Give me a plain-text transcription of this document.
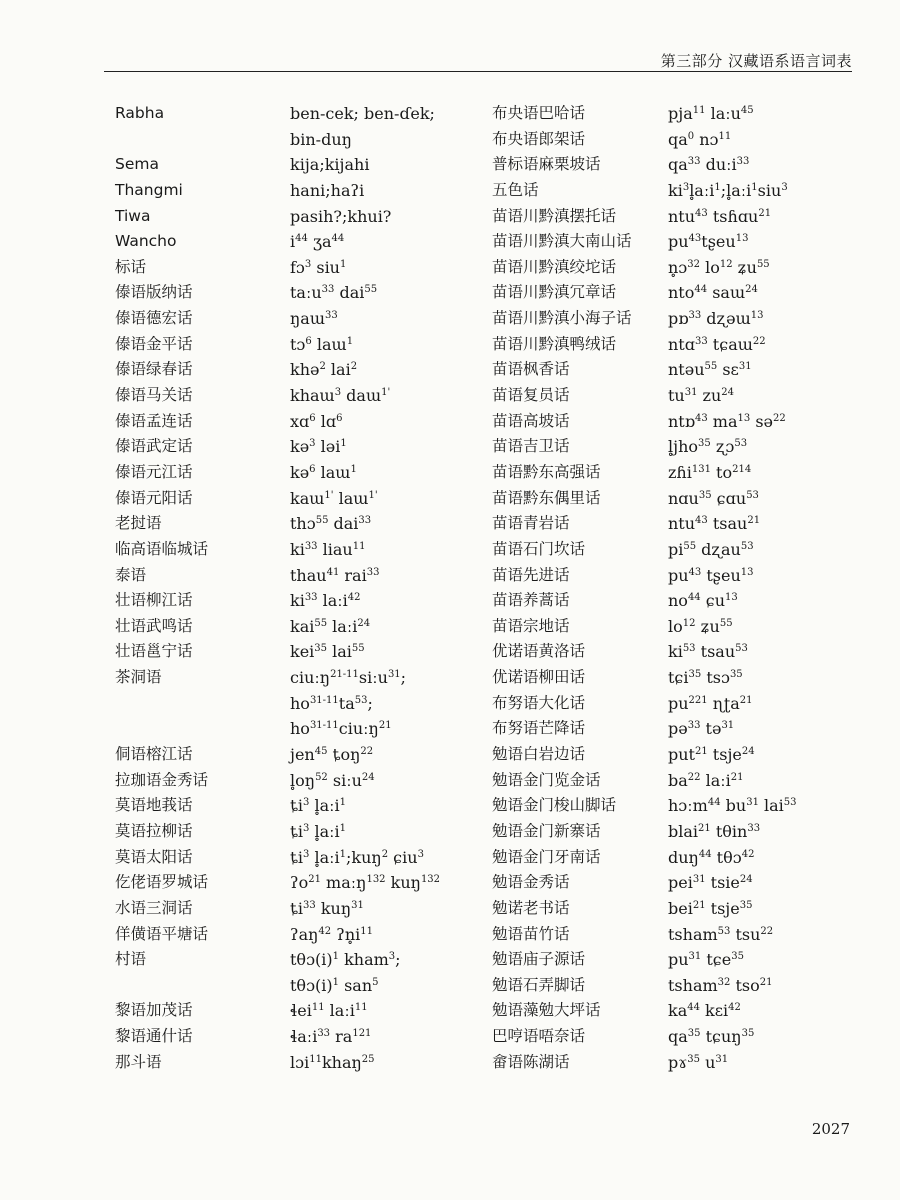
第三部分 汉藏语系语言词表
Rabha
Sema
Thangmi
Tiwa
Wancho
标话
傣语版纳话
傣语德宏话
傣语金平话
傣语绿春话
傣语马关话
傣语孟连话
傣语武定话
傣语元江话
傣语元阳话
老挝语
临高语临城话
泰语
壮语柳江话
壮语武鸣话
壮语邕宁话
茶洞语
侗语榕江话
拉珈语金秀话
莫语地莪话
莫语拉柳话
莫语太阳话
仡佬语罗城话
水语三洞话
佯僙语平塘话
村语
黎语加茂话
黎语通什话
那斗语
ben-cek; ben-ɗek;
bin-duŋ
kija;kijahi
hani;haʔi
pasih?;khui?
$i^{44}$ ʒa$^{44}$
fɔ$^3$ siu$^1$
taːu$^{33}$ dai$^{55}$
ŋaɯ$^{33}$
tɔ$^6$ laɯ$^1$
khə$^2$ lai$^2$
khaɯ$^3$ daɯ$^{1'}$
xɑ$^6$ lɑ$^6$
kə$^3$ ləi$^1$
kə$^6$ laɯ$^1$
kaɯ$^{1'}$ laɯ$^{1'}$
thɔ$^{55}$ dai$^{33}$
$ki^{33}$ liau$^{11}$
thau$^{41}$ rai$^{33}$
$ki^{33}$ laːi$^{42}$
kai$^{55}$ laːi$^{24}$
kei$^{35}$ lai$^{55}$
ciuːŋ$^{21-11}$siːu$^{31}$;
$ho^{31-11}ta^{53}$;
$ho^{31-11}ciuːŋ^{21}$
jen$^{45}$ ȶoŋ$^{22}$
$l̥oŋ^{52}$ siːu$^{24}$
$ȶi^3$ l̥aːi$^1$
$ȶi^3$ l̥aːi$^1$
$ȶi^3$ l̥aːi$^1$;kuŋ$^2$ ɕiu$^3$
ʔo$^{21}$ maːŋ$^{132}$ kuŋ$^{132}$
$ȶi^{33}$ kuŋ$^{31}$
ʔaŋ$^{42}$ $ʔn̥i^{11}$
$t\theta ɔ(i)^1$ kham$^3$;
$t\theta ɔ(i)^1$ san$^5$
ɬei$^{11}$ laːi$^{11}$
ɬaːi$^{33}$ $ra^{121}$
lɔi$^{11}$khaŋ$^{25}$
布央语巴哈话
布央语郎架话
普标语麻栗坡话
五色话
苗语川黔滇摆托话
苗语川黔滇大南山话
苗语川黔滇绞坨话
苗语川黔滇冗章话
苗语川黔滇小海子话
苗语川黔滇鸭绒话
苗语枫香话
苗语复员话
苗语高坡话
苗语吉卫话
苗语黔东高强话
苗语黔东偶里话
苗语青岩话
苗语石门坎话
苗语先进话
苗语养蒿话
苗语宗地话
优诺语黄洛话
优诺语柳田话
布努语大化话
布努语芒降话
勉语白岩边话
勉语金门览金话
勉语金门梭山脚话
勉语金门新寨话
勉语金门牙南话
勉语金秀话
勉诺老书话
勉语苗竹话
勉语庙子源话
勉语石弄脚话
勉语藻勉大坪话
巴哼语唔奈话
畲语陈湖话
pja$^{11}$ laːu$^{45}$
$qa^0$ nɔ$^{11}$
$qa^{33}$ duːi$^{33}$
$ki^3l̥aːi^1;l̥aːi^1siu^3$
ntu$^{43}$ tsɦɑu$^{21}$
$pu^{43}tʂeu^{13}$
n̥ɔ$^{32}$ $lo^{12}$ ʑu$^{55}$
nto$^{44}$ saɯ$^{24}$
pɒ$^{33}$ dʐəɯ$^{13}$
ntɑ$^{33}$ tɕaɯ$^{22}$
ntəu$^{55}$ sɛ$^{31}$
$tu^{31}$ $zu^{24}$
ntɒ$^{43}$ $ma^{13}$ sə$^{22}$
l̥jho$^{35}$ ʐɔ$^{53}$
zɦi$^{131}$ $to^{214}$
nɑu$^{35}$ ɕɑu$^{53}$
ntu$^{43}$ tsau$^{21}$
$pi^{55}$ dʐau$^{53}$
$pu^{43}$ tʂeu$^{13}$
$no^{44}$ ɕu$^{13}$
$lo^{12}$ ʑu$^{55}$
$ki^{53}$ tsau$^{53}$
tɕi$^{35}$ tsɔ$^{35}$
$pu^{221}$ ɳʈa$^{21}$
pə$^{33}$ tə$^{31}$
put$^{21}$ tsje$^{24}$
$ba^{22}$ laːi$^{21}$
hɔːm$^{44}$ $bu^{31}$ lai$^{53}$
blai$^{21}$ tθin$^{33}$
duŋ$^{44}$ tθɔ$^{42}$
pei$^{31}$ tsie$^{24}$
bei$^{21}$ tsje$^{35}$
tsham$^{53}$ tsu$^{22}$
$pu^{31}$ tɕe$^{35}$
tsham$^{32}$ tso$^{21}$
$ka^{44}$ kɛi$^{42}$
$qa^{35}$ tɕuŋ$^{35}$
pɤ$^{35}$ $u^{31}$
2027
